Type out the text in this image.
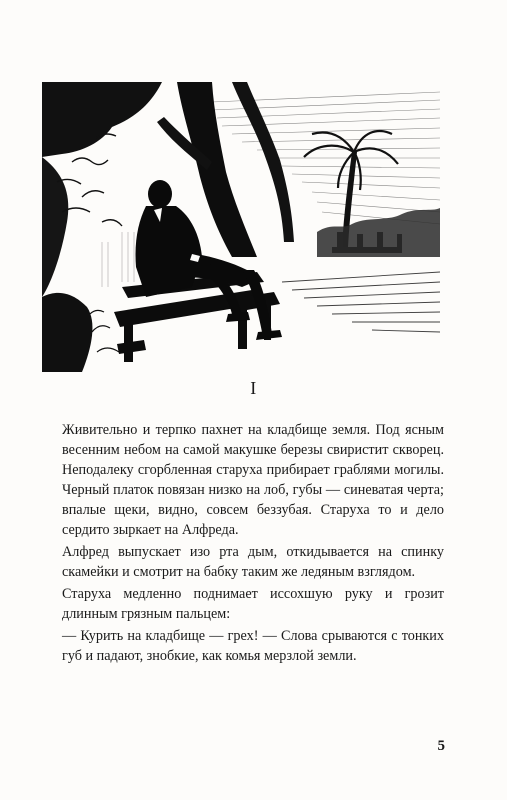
I

Живительно и терпко пахнет на кладбище земля. Под ясным весенним небом на самой макушке березы свиристит скворец. Неподалеку сгорбленная старуха прибирает граблями могилы. Черный платок повязан низко на лоб, губы — синеватая черта; впалые щеки, видно, совсем беззубая. Старуха то и дело сердито зыркает на Алфреда.

Алфред выпускает изо рта дым, откидывается на спинку скамейки и смотрит на бабку таким же ледяным взглядом.

Старуха медленно поднимает иссохшую руку и грозит длинным грязным пальцем:

— Курить на кладбище — грех! — Слова срываются с тонких губ и падают, знобкие, как комья мерзлой земли.

5
